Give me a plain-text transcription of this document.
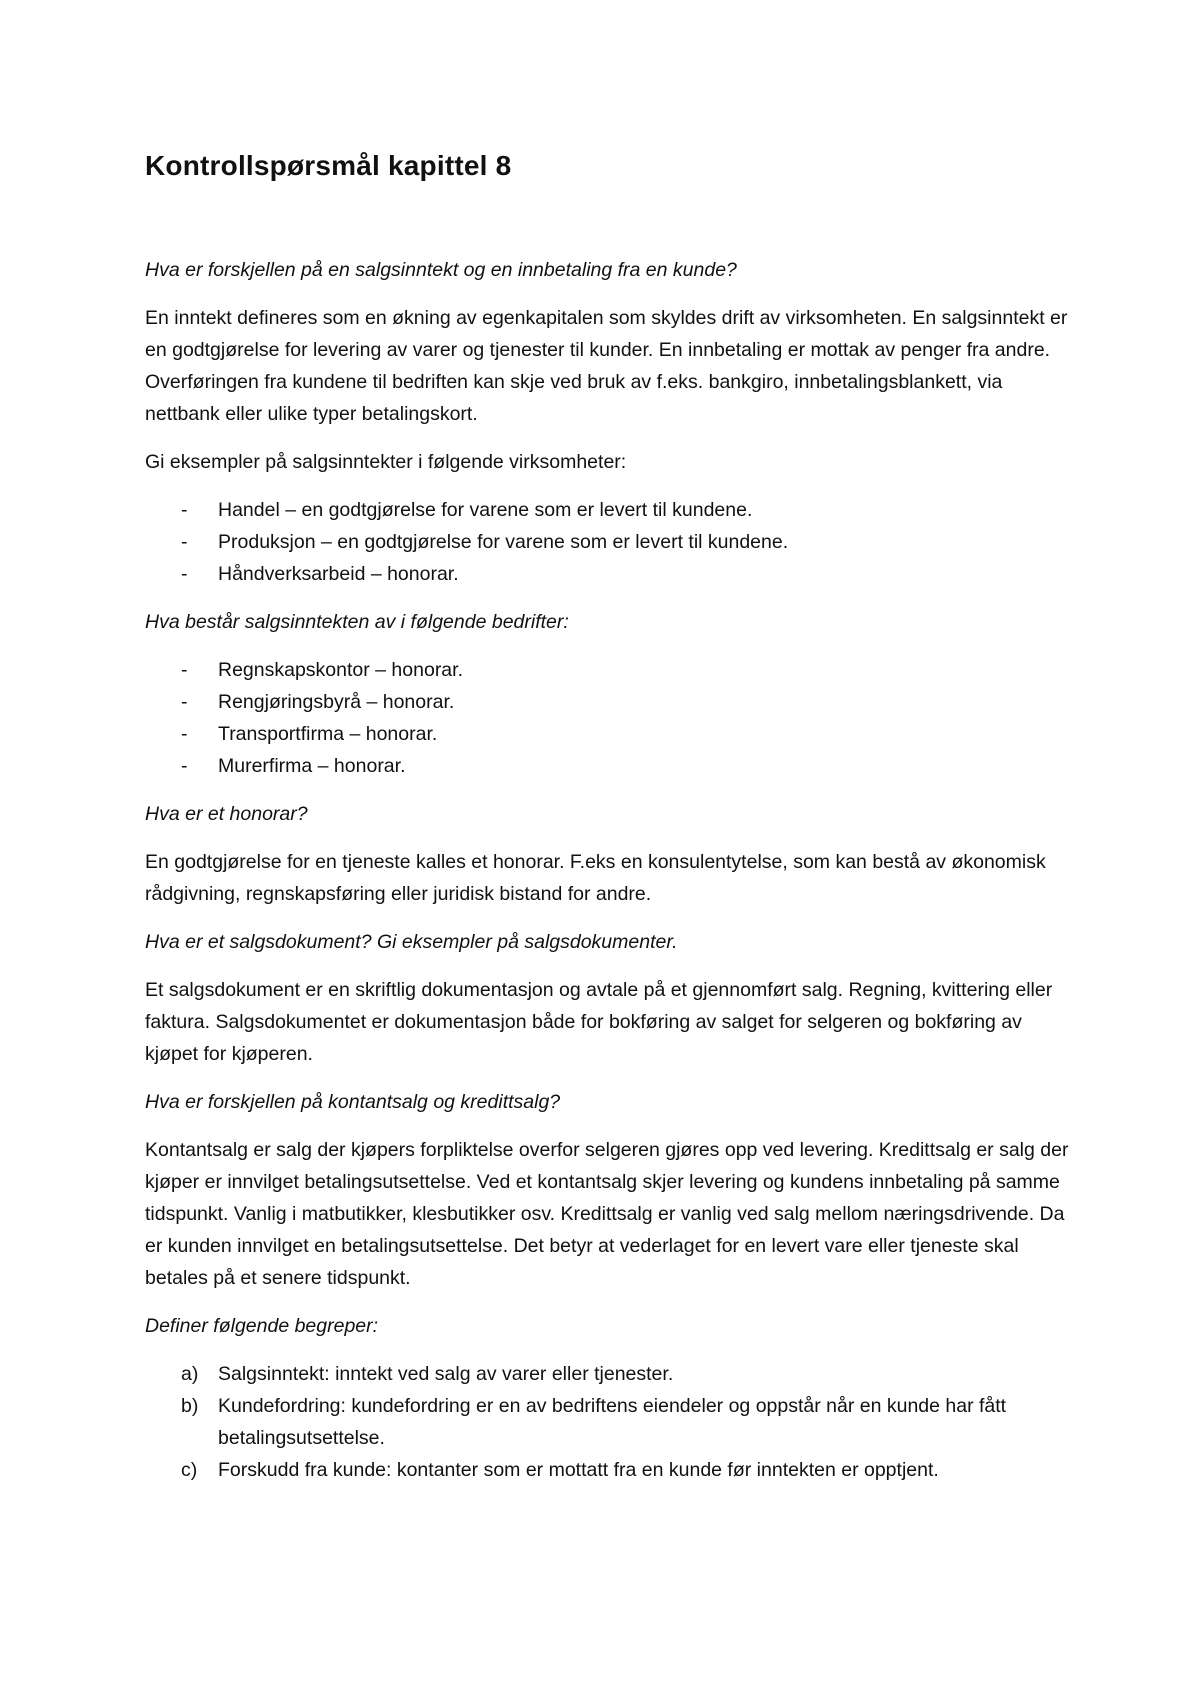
Kontrollspørsmål kapittel 8

Hva er forskjellen på en salgsinntekt og en innbetaling fra en kunde?

En inntekt defineres som en økning av egenkapitalen som skyldes drift av virksomheten. En salgsinntekt er en godtgjørelse for levering av varer og tjenester til kunder. En innbetaling er mottak av penger fra andre. Overføringen fra kundene til bedriften kan skje ved bruk av f.eks. bankgiro, innbetalingsblankett, via nettbank eller ulike typer betalingskort.

Gi eksempler på salgsinntekter i følgende virksomheter:

- Handel – en godtgjørelse for varene som er levert til kundene.
- Produksjon – en godtgjørelse for varene som er levert til kundene.
- Håndverksarbeid – honorar.

Hva består salgsinntekten av i følgende bedrifter:

- Regnskapskontor – honorar.
- Rengjøringsbyrå – honorar.
- Transportfirma – honorar.
- Murerfirma – honorar.

Hva er et honorar?

En godtgjørelse for en tjeneste kalles et honorar. F.eks en konsulentytelse, som kan bestå av økonomisk rådgivning, regnskapsføring eller juridisk bistand for andre.

Hva er et salgsdokument? Gi eksempler på salgsdokumenter.

Et salgsdokument er en skriftlig dokumentasjon og avtale på et gjennomført salg. Regning, kvittering eller faktura. Salgsdokumentet er dokumentasjon både for bokføring av salget for selgeren og bokføring av kjøpet for kjøperen.

Hva er forskjellen på kontantsalg og kredittsalg?

Kontantsalg er salg der kjøpers forpliktelse overfor selgeren gjøres opp ved levering. Kredittsalg er salg der kjøper er innvilget betalingsutsettelse. Ved et kontantsalg skjer levering og kundens innbetaling på samme tidspunkt. Vanlig i matbutikker, klesbutikker osv. Kredittsalg er vanlig ved salg mellom næringsdrivende. Da er kunden innvilget en betalingsutsettelse. Det betyr at vederlaget for en levert vare eller tjeneste skal betales på et senere tidspunkt.

Definer følgende begreper:

a) Salgsinntekt: inntekt ved salg av varer eller tjenester.
b) Kundefordring: kundefordring er en av bedriftens eiendeler og oppstår når en kunde har fått betalingsutsettelse.
c) Forskudd fra kunde: kontanter som er mottatt fra en kunde før inntekten er opptjent.
